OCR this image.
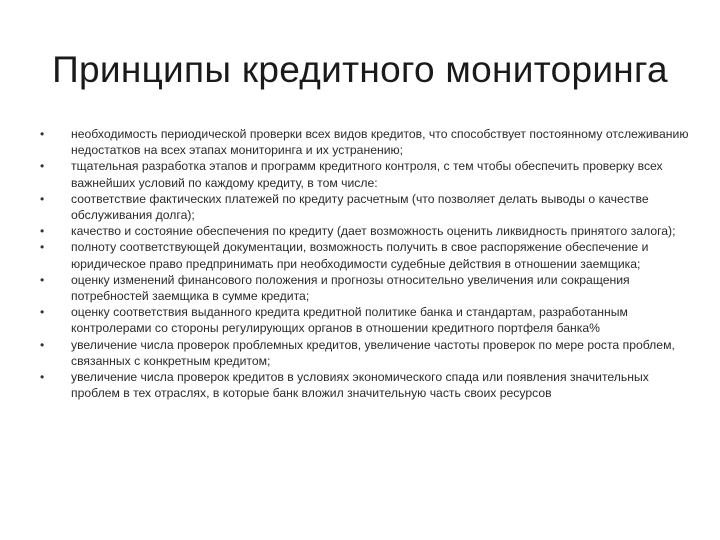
Принципы кредитного мониторинга
•	необходимость периодической проверки всех видов кредитов, что способствует постоянному отслеживанию недостатков на всех этапах мониторинга и их устранению;
•	тщательная разработка этапов и программ кредитного контроля, с тем чтобы обеспечить проверку всех важнейших условий по каждому кредиту, в том числе:
•	соответствие фактических платежей по кредиту расчетным (что позволяет делать выводы о качестве обслуживания долга);
•	качество и состояние обеспечения по кредиту (дает возможность оценить ликвидность принятого залога);
•	полноту соответствующей документации, возможность получить в свое распоряжение обеспечение и юридическое право предпринимать при необходимости судебные действия в отношении заемщика;
•	оценку изменений финансового положения и прогнозы относительно увеличения или сокращения потребностей заемщика в сумме кредита;
•	оценку соответствия выданного кредита кредитной политике банка и стандартам, разработанным контролерами со стороны регулирующих органов в отношении кредитного портфеля банка%
•	увеличение числа проверок проблемных кредитов, увеличение частоты проверок по мере роста проблем, связанных с конкретным кредитом;
•	увеличение числа проверок кредитов в условиях экономического спада или появления значительных проблем в тех отраслях, в которые банк вложил значительную часть своих ресурсов
